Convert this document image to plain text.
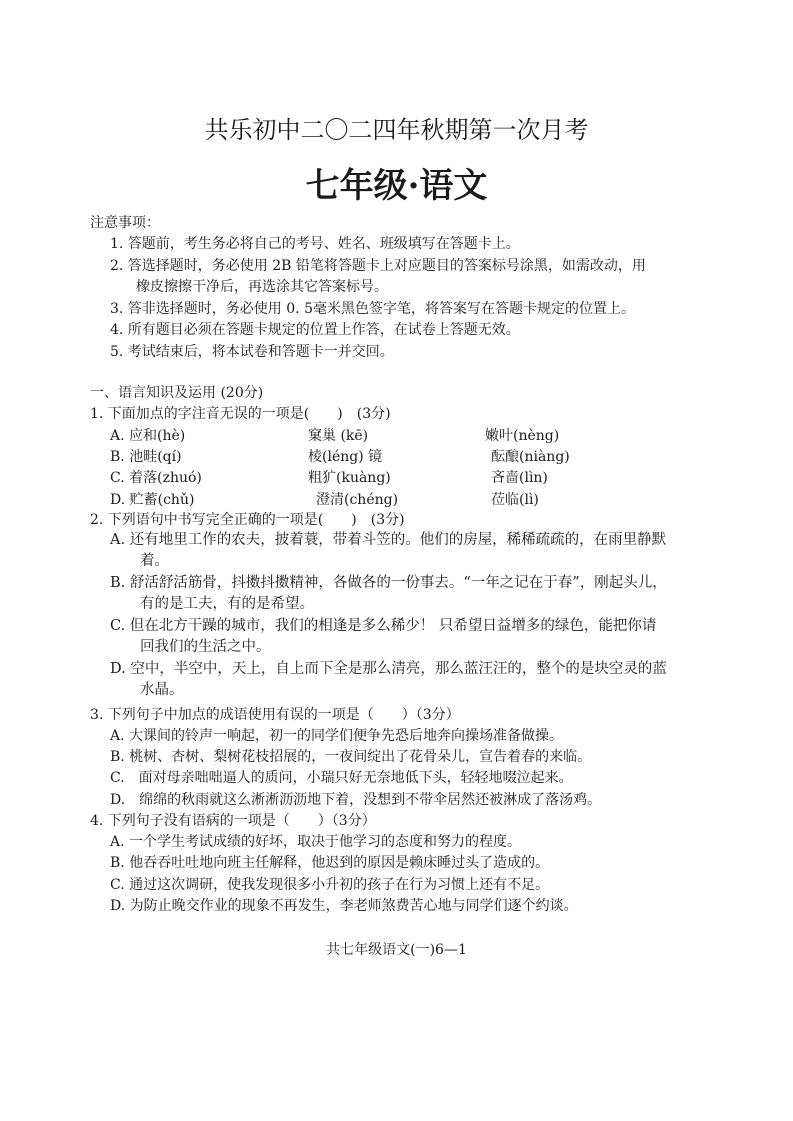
共乐初中二〇二四年秋期第一次月考
七年级·语文
注意事项：
1. 答题前，考生务必将自己的考号、姓名、班级填写在答题卡上。
2. 答选择题时，务必使用 2B 铅笔将答题卡上对应题目的答案标号涂黑，如需改动，用
橡皮擦擦干净后，再选涂其它答案标号。
3. 答非选择题时，务必使用 0. 5毫米黑色签字笔，将答案写在答题卡规定的位置上。
4. 所有题目必须在答题卡规定的位置上作答，在试卷上答题无效。
5. 考试结束后，将本试卷和答题卡一并交回。
一、语言知识及运用 (20分)
1. 下面加点的字注音无误的一项是(　　)　(3分)
A. 应和(hè)	窠巢 (kē)	嫩叶(nèng)
B. 池畦(qí)	棱(léng) 镜	酝酿(niàng)
C. 着落(zhuó)	粗犷(kuàng)	吝啬(lìn)
D. 贮蓄(chǔ)	澄清(chéng)	莅临(lì)
2. 下列语句中书写完全正确的一项是(　　)　(3分)
A. 还有地里工作的农夫，披着蓑，带着斗笠的。他们的房屋，稀稀疏疏的，在雨里静默
着。
B. 舒活舒活筋骨，抖擞抖擞精神，各做各的一份事去。“一年之记在于春”，刚起头儿，
有的是工夫，有的是希望。
C. 但在北方干躁的城市，我们的相逢是多么稀少！ 只希望日益增多的绿色，能把你请
回我们的生活之中。
D. 空中，半空中，天上，自上而下全是那么清亮，那么蓝汪汪的，整个的是块空灵的蓝
水晶。
3. 下列句子中加点的成语使用有误的一项是（　　）（3分）
A. 大课间的铃声一响起，初一的同学们便争先恐后地奔向操场准备做操。
B. 桃树、杏树、梨树花枝招展的，一夜间绽出了花骨朵儿，宣告着春的来临。
C.　面对母亲咄咄逼人的质问，小瑞只好无奈地低下头，轻轻地啜泣起来。
D.　绵绵的秋雨就这么淅淅沥沥地下着，没想到不带伞居然还被淋成了落汤鸡。
4. 下列句子没有语病的一项是（　　）（3分）
A. 一个学生考试成绩的好坏，取决于他学习的态度和努力的程度。
B. 他吞吞吐吐地向班主任解释，他迟到的原因是赖床睡过头了造成的。
C. 通过这次调研，使我发现很多小升初的孩子在行为习惯上还有不足。
D. 为防止晚交作业的现象不再发生，李老师煞费苦心地与同学们逐个约谈。
共七年级语文(一)6—1
